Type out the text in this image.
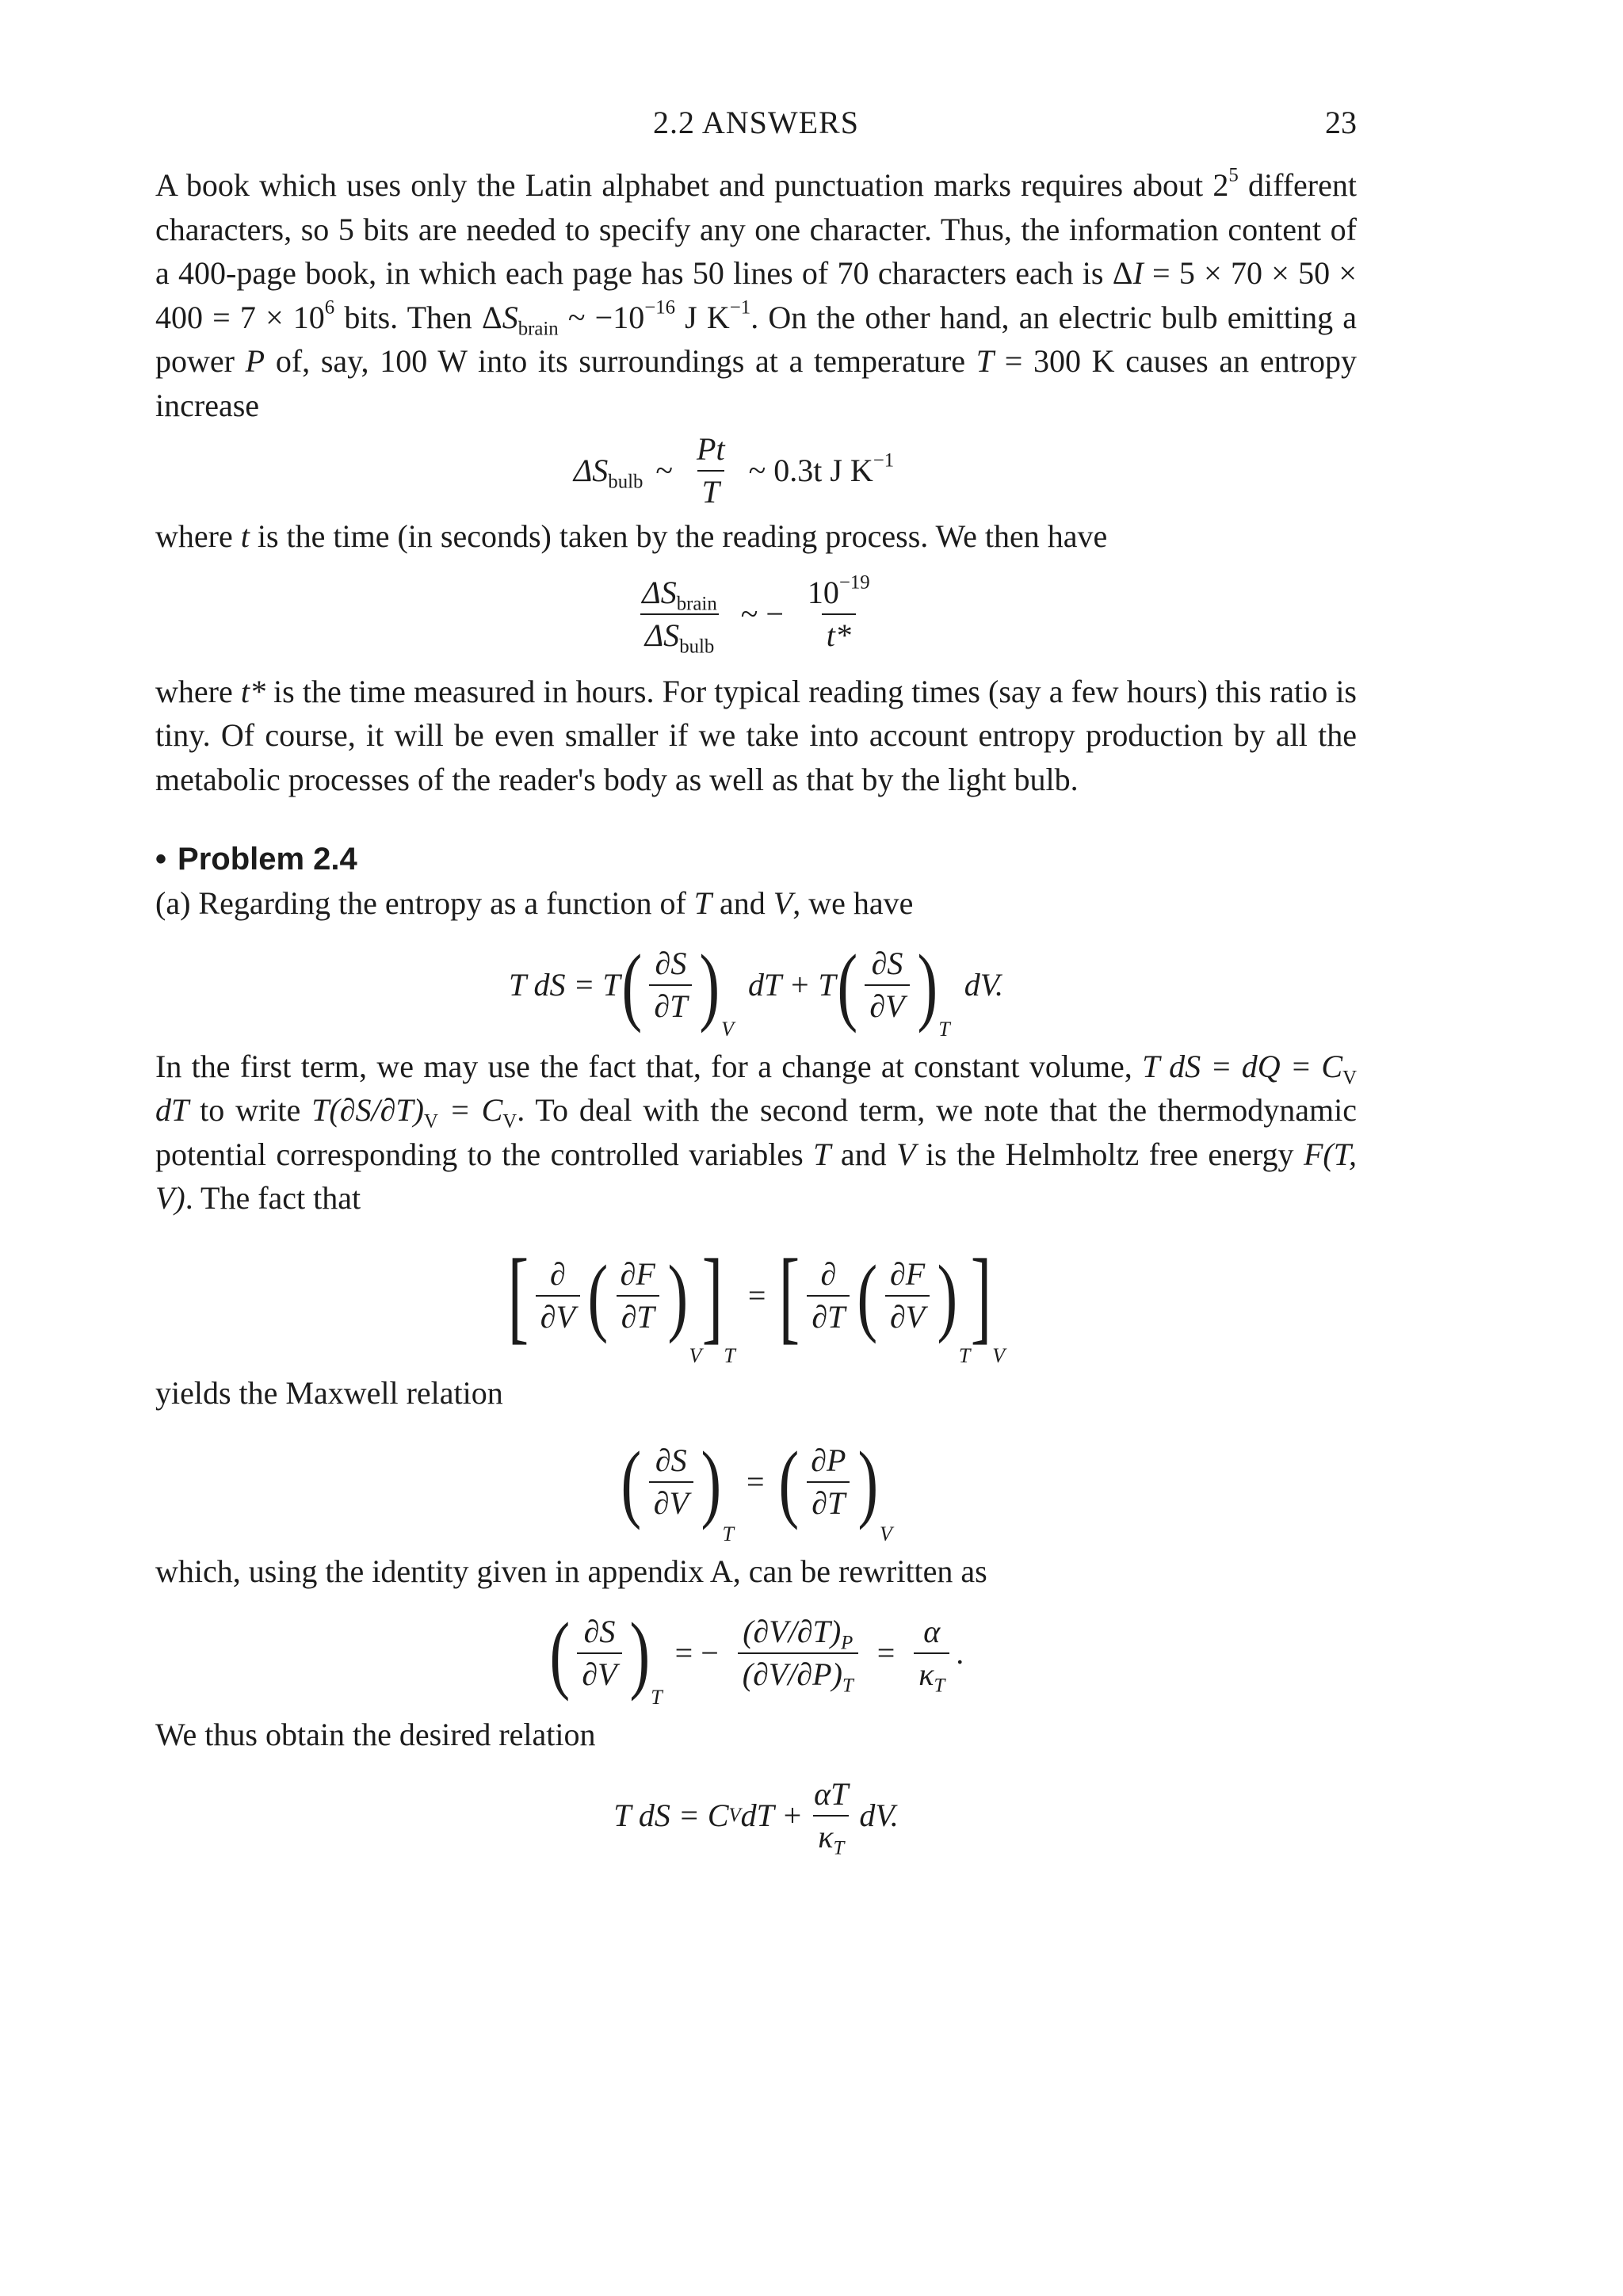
2.2 ANSWERS	23

A book which uses only the Latin alphabet and punctuation marks requires about $2^5$ different characters, so 5 bits are needed to specify any one character. Thus, the information content of a 400-page book, in which each page has 50 lines of 70 characters each is $\Delta I = 5 \times 70 \times 50 \times 400 = 7 \times 10^6$ bits. Then $\Delta S_{brain}$ ~ $-10^{-16}$ J $K^{-1}$. On the other hand, an electric bulb emitting a power P of, say, 100 W into its surroundings at a temperature T = 300 K causes an entropy increase

$\Delta S_{bulb}$ ~ $\frac{Pt}{T}$ ~ 0.3t J $K^{-1}$

where t is the time (in seconds) taken by the reading process. We then have

$\frac{\Delta S_{brain}}{\Delta S_{bulb}}$ ~ − $\frac{10^{-19}}{t*}$

where t* is the time measured in hours. For typical reading times (say a few hours) this ratio is tiny. Of course, it will be even smaller if we take into account entropy production by all the metabolic processes of the reader's body as well as that by the light bulb.

• Problem 2.4

(a) Regarding the entropy as a function of T and V, we have

T dS = T ( $\frac{\partial S}{\partial T}$ ) V
dT + T ( $\frac{\partial S}{\partial V}$ ) T
dV.

In the first term, we may use the fact that, for a change at constant volume, T dS = dQ = $C_V$ dT to write $T(\partial S/\partial T)_V = C_V$. To deal with the second term, we note that the thermodynamic potential corresponding to the controlled variables T and V is the Helmholtz free energy F(T, V). The fact that

[ $\frac{\partial}{\partial V}$ ( $\frac{\partial F}{\partial T}$ )
V
]
T
= [ $\frac{\partial}{\partial T}$ ( $\frac{\partial F}{\partial V}$ )
T
]
V

yields the Maxwell relation

( $\frac{\partial S}{\partial V}$ )
T
= ( $\frac{\partial P}{\partial T}$ )
V

which, using the identity given in appendix A, can be rewritten as

( $\frac{\partial S}{\partial V}$ ) T
= − $\frac{(\partial V/\partial T)_P}{(\partial V/\partial P)_T} = \frac{\alpha}{\kappa_T}$ .

We thus obtain the desired relation

T dS = C V dT + $\frac{\alpha T}{\kappa_T}$ dV.
